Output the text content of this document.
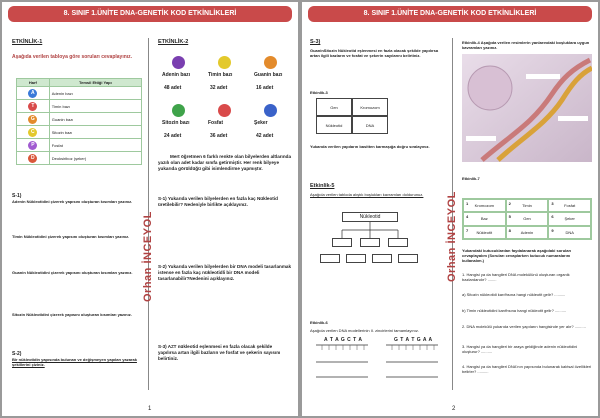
8. SINIF 1.ÜNİTE DNA-GENETİK KOD ETKİNLİKLERİ
Orhan İNCEYOL
ETKİNLİK-1
Aşağıda verilen tabloya göre soruları cevaplayınız.
Harf	Temsil Ettiği Yapı
A	Adenin bazı
T	Timin bazı
G	Guanin bazı
C	Sitozin bazı
P	Fosfat
D	Deoksiriboz (şeker)
ETKİNLİK-2
Mert öğretmen 6 farklı renkte olan bilyelerden altlarında yazılı olan adet kadar sınıfa getirmiştir. Her renk bilyeye yukarıda görüldüğü gibi isimlendirme yapmıştır.
S-1) Yukarıda verilen bilyelerden en fazla kaç Nükleotid üretilebilir? Nedeniyle birlikte açıklayınız.
S-2) Yukarıda verilen bilyelerden bir DNA modeli tasarlanmak istense en fazla kaç nükleotidli bir DNA modeli tasarlanabilir?Nedenini açıklayınız.
S-3) A≠T nükleotid eşlenmesi en fazla olacak şekilde yapılırsa artan ilgili bazların ve fosfat ve şekerin sayısını belirtiniz.
1
S-1)
Adenin Nükleotidini çizerek yapısını oluşturan kısımları yazınız.
Timin Nükleotidini çizerek yapısını oluşturan kısımları yazınız.
Guanin Nükleotidini çizerek yapısını oluşturan kısımları yazınız.
Sitozin Nükleotidini çizerek yapısını oluşturan kısımları yazınız.
S-2)
Bir nükleotidin yapısında bulunan ve değişmeyen yapıları yazarak şekillerini çiziniz.
Adenin bazı
48 adet
Timin bazı
32 adet
Guanin bazı
16 adet
Sitozin bazı
24 adet
Fosfat
36 adet
Şeker
42 adet
8. SINIF 1.ÜNİTE DNA-GENETİK KOD ETKİNLİKLERİ
Orhan İNCEYOL
S-3)
GuaninSitozin Nükleotid eşlenmesi en fazla olacak şekilde yapılırsa artan ilgili bazların ve fosfat ve şekerin sayılarını belirtiniz.
Etkinlik-3
Gen	Kromozom
Nükleotid	DNA
Yukarıda verilen yapıların basitten karmaşığa doğru sıralayınız.
Etkinlik-5
Aşağıda verilen tabloda alıştık boşlukları kavramları doldurunuz.
Nükleotid
Etkinlik-6
Aşağıda verilen DNA modellerinin II. zincirlerini tamamlayınız.
A T A G C T A	G T A T G A A
Etkinlik-4 Aşağıda verilen resimlerin yanlarındaki boşluklara uygun kavramları yazınız.
Etkinlik-7
1 Kromozom	2	Timin	3	Fosfat
4	Baz	5	Gen	6	Şeker
7 Nükleotit	8 Adenin	9	DNA
Yukarıdaki kutucuklardan faydalanarak aşağıdaki soruları cevaplayalım (Soruları cevaplarken kutucuk numaralarını kullanalım.)
2
1. Hangisi ya da hangileri DNA molekülünü oluşturan organik bazlardandır? ........
a) Sitozin nükleotidi karıfhsına hangi nükleotit gelir? ..........
b) Timin nükleotidini karıfhsına hangi nükleotit gelir? ..........
2. DNA molekülü yukarıda verilen yapıların hangisinde yer alır? ..........
3. Hangisi ya da hangileri bir araya geldiğinde adenin nükleotidini oluşturur? ..........
4. Hangisi ya da hangileri DNA'nın yapısında bulunarak kalıtsal özellikleri belirler? ..........
